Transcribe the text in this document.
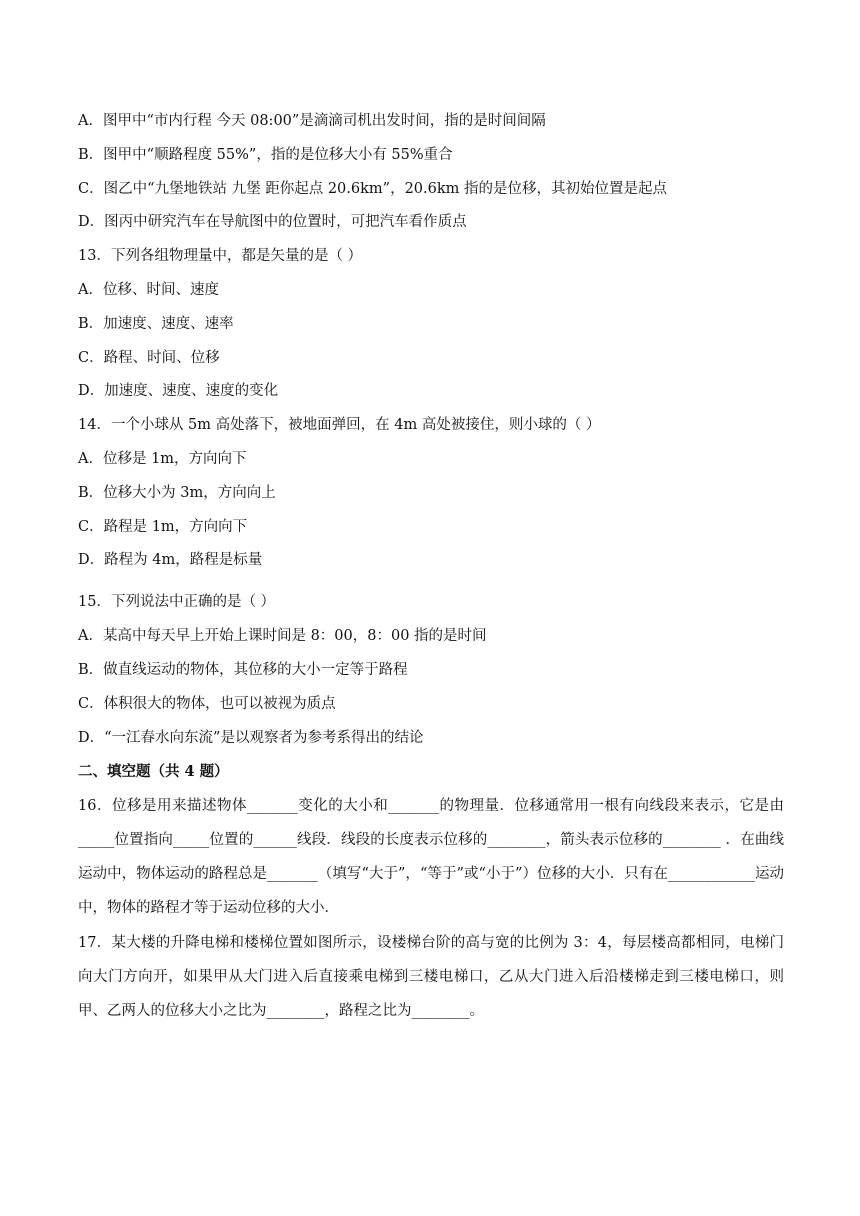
A．图甲中“市内行程 今天 08:00”是滴滴司机出发时间，指的是时间间隔
B．图甲中“顺路程度 55%”，指的是位移大小有 55%重合
C．图乙中“九堡地铁站 九堡 距你起点 20.6km”，20.6km 指的是位移，其初始位置是起点
D．图丙中研究汽车在导航图中的位置时，可把汽车看作质点
13．下列各组物理量中，都是矢量的是（ ）
A．位移、时间、速度
B．加速度、速度、速率
C．路程、时间、位移
D．加速度、速度、速度的变化
14．一个小球从 5m 高处落下，被地面弹回，在 4m 高处被接住，则小球的（ ）
A．位移是 1m，方向向下
B．位移大小为 3m，方向向上
C．路程是 1m，方向向下
D．路程为 4m，路程是标量
15．下列说法中正确的是（ ）
A．某高中每天早上开始上课时间是 8：00，8：00 指的是时间
B．做直线运动的物体，其位移的大小一定等于路程
C．体积很大的物体，也可以被视为质点
D．“一江春水向东流”是以观察者为参考系得出的结论
二、填空题（共 4 题）
16．位移是用来描述物体_______变化的大小和_______的物理量．位移通常用一根有向线段来表示，它是由_____位置指向_____位置的______线段．线段的长度表示位移的________，箭头表示位移的________ ．在曲线运动中，物体运动的路程总是_______（填写“大于”，“等于”或“小于”）位移的大小．只有在____________运动中，物体的路程才等于运动位移的大小．
17．某大楼的升降电梯和楼梯位置如图所示，设楼梯台阶的高与宽的比例为 3：4，每层楼高都相同，电梯门向大门方向开，如果甲从大门进入后直接乘电梯到三楼电梯口，乙从大门进入后沿楼梯走到三楼电梯口，则甲、乙两人的位移大小之比为________，路程之比为________。
